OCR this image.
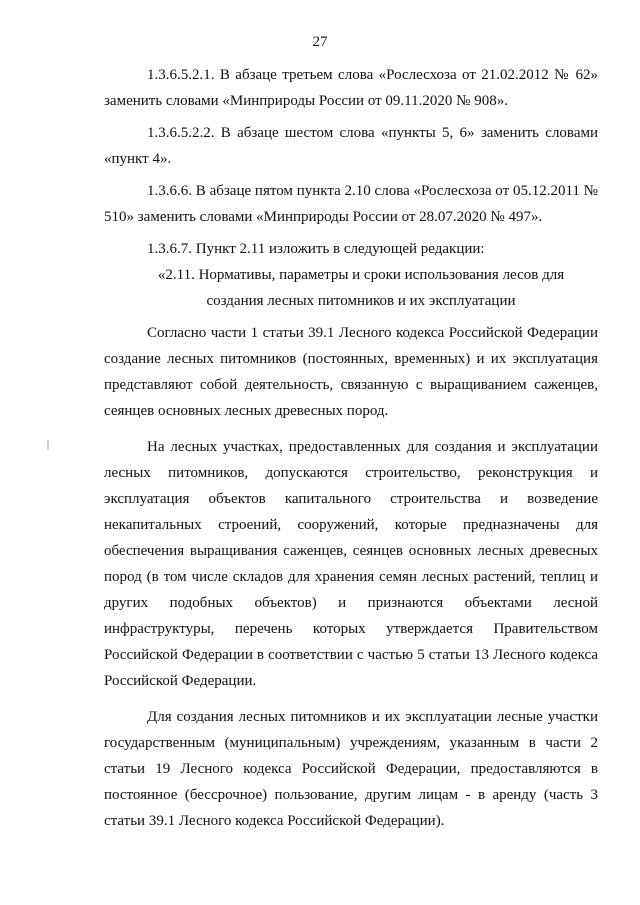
27

1.3.6.5.2.1. В абзаце третьем слова «Рослесхоза от 21.02.2012 № 62» заменить словами «Минприроды России от 09.11.2020 № 908».

1.3.6.5.2.2. В абзаце шестом слова «пункты 5, 6» заменить словами «пункт 4».

1.3.6.6. В абзаце пятом пункта 2.10 слова «Рослесхоза от 05.12.2011 № 510» заменить словами «Минприроды России от 28.07.2020 № 497».

1.3.6.7. Пункт 2.11 изложить в следующей редакции:

«2.11. Нормативы, параметры и сроки использования лесов для
создания лесных питомников и их эксплуатации

Согласно части 1 статьи 39.1 Лесного кодекса Российской Федерации создание лесных питомников (постоянных, временных) и их эксплуатация представляют собой деятельность, связанную с выращиванием саженцев, сеянцев основных лесных древесных пород.

На лесных участках, предоставленных для создания и эксплуатации лесных питомников, допускаются строительство, реконструкция и эксплуатация объектов капитального строительства и возведение некапитальных строений, сооружений, которые предназначены для обеспечения выращивания саженцев, сеянцев основных лесных древесных пород (в том числе складов для хранения семян лесных растений, теплиц и других подобных объектов) и признаются объектами лесной инфраструктуры, перечень которых утверждается Правительством Российской Федерации в соответствии с частью 5 статьи 13 Лесного кодекса Российской Федерации.

Для создания лесных питомников и их эксплуатации лесные участки государственным (муниципальным) учреждениям, указанным в части 2 статьи 19 Лесного кодекса Российской Федерации, предоставляются в постоянное (бессрочное) пользование, другим лицам - в аренду (часть 3 статьи 39.1 Лесного кодекса Российской Федерации).
